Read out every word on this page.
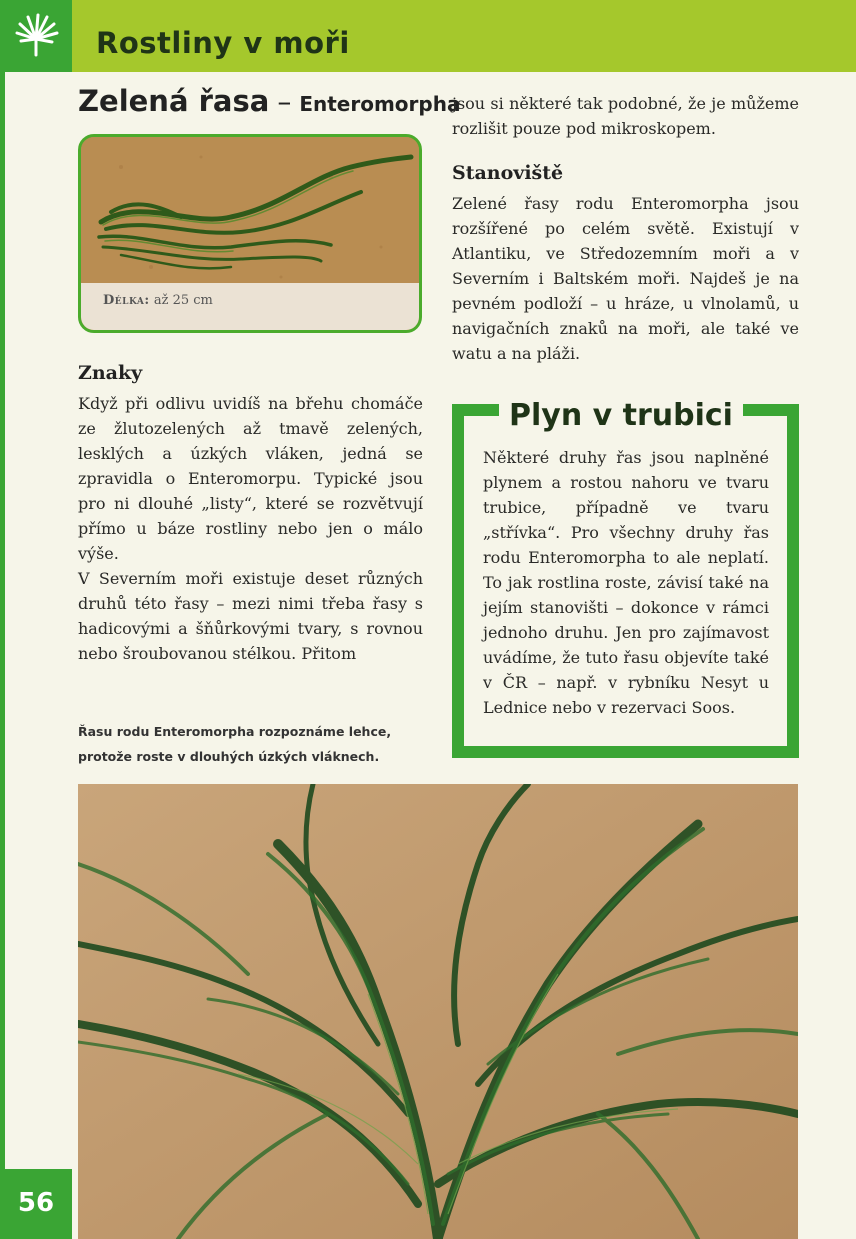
Rostliny v moři
Zelená řasa – Enteromorpha
Délka: až 25 cm
Znaky

Když při odlivu uvidíš na břehu chomáče ze žlutozelených až tmavě zelených, lesklých a úzkých vláken, jedná se zpravidla o Enteromorpu. Typické jsou pro ni dlouhé „listy“, které se rozvětvují přímo u báze rostliny nebo jen o málo výše.

V Severním moři existuje deset různých druhů této řasy – mezi nimi třeba řasy s hadicovými a šňůrkovými tvary, s rovnou nebo šroubovanou stélkou. Přitom

Řasu rodu Enteromorpha rozpoznáme lehce, protože roste v dlouhých úzkých vláknech.

jsou si některé tak podobné, že je můžeme rozlišit pouze pod mikroskopem.

Stanoviště

Zelené řasy rodu Enteromorpha jsou rozšířené po celém světě. Existují v Atlantiku, ve Středozemním moři a v Severním i Baltském moři. Najdeš je na pevném podloží – u hráze, u vlnolamů, u navigačních znaků na moři, ale také ve watu a na pláži.

Plyn v trubici

Některé druhy řas jsou naplněné plynem a rostou nahoru ve tvaru trubice, případně ve tvaru „střívka“. Pro všechny druhy řas rodu Enteromorpha to ale neplatí. To jak rostlina roste, závisí také na jejím stanovišti – dokonce v rámci jednoho druhu. Jen pro zajímavost uvádíme, že tuto řasu objevíte také v ČR – např. v rybníku Nesyt u Lednice nebo v rezervaci Soos.

56
